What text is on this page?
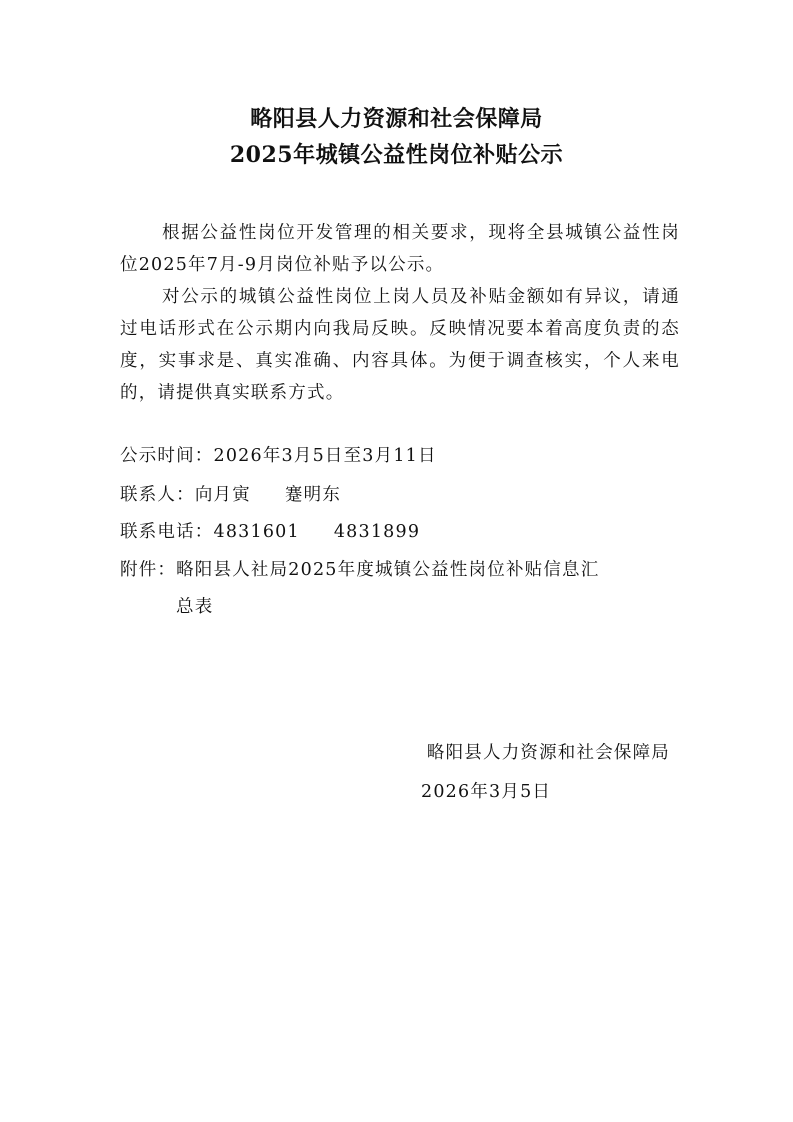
略阳县人力资源和社会保障局
2025年城镇公益性岗位补贴公示

根据公益性岗位开发管理的相关要求，现将全县城镇公益性岗位2025年7月-9月岗位补贴予以公示。

对公示的城镇公益性岗位上岗人员及补贴金额如有异议，请通过电话形式在公示期内向我局反映。反映情况要本着高度负责的态度，实事求是、真实准确、内容具体。为便于调查核实，个人来电的，请提供真实联系方式。

公示时间：2026年3月5日至3月11日
联系人：向月寅 蹇明东
联系电话：4831601 4831899
附件：略阳县人社局2025年度城镇公益性岗位补贴信息汇
总表
略阳县人力资源和社会保障局
2026年3月5日
